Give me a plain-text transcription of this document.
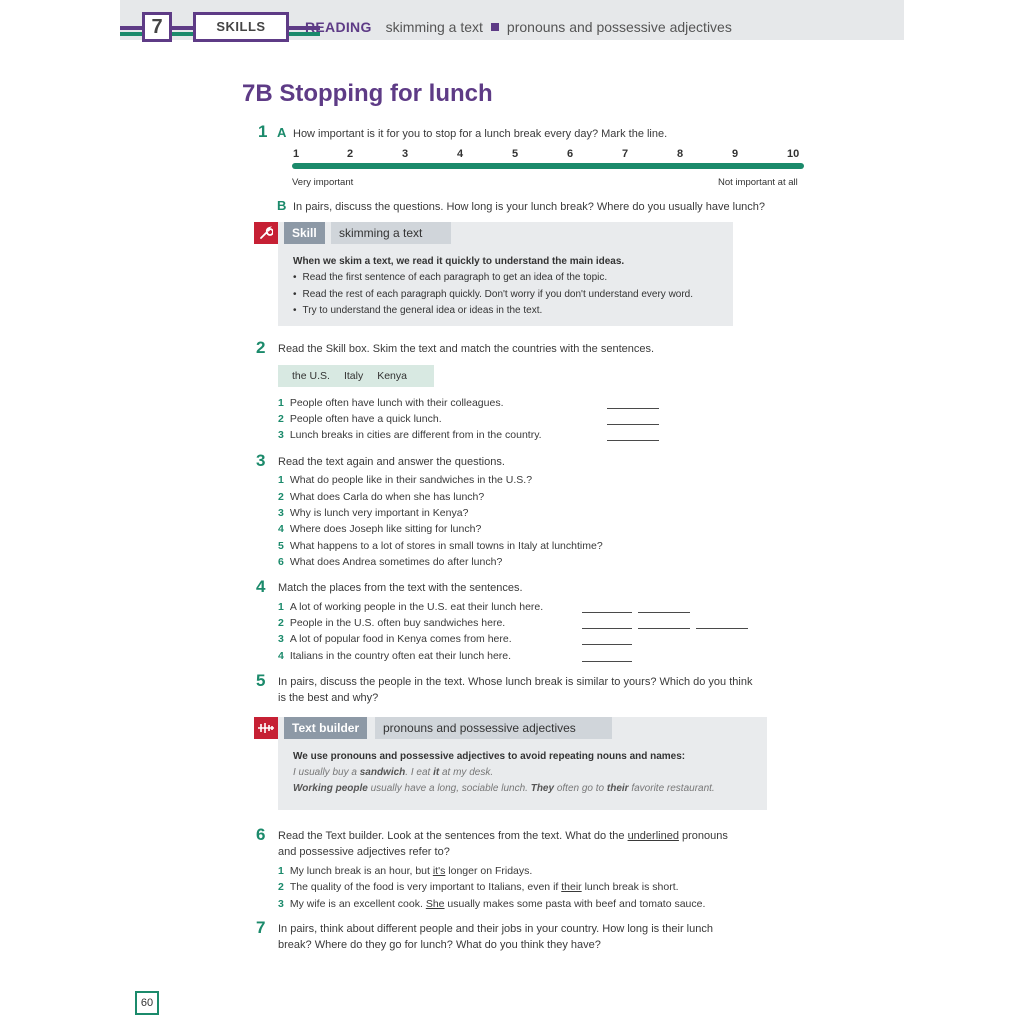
7	SKILLS	READING skimming a text pronouns and possessive adjectives
7B Stopping for lunch
1 A How important is it for you to stop for a lunch break every day? Mark the line.
1	2	3	4	5	6	7	8	9	10
Very important	Not important at all
B In pairs, discuss the questions. How long is your lunch break? Where do you usually have lunch?
Skill	skimming a text
When we skim a text, we read it quickly to understand the main ideas.
• Read the first sentence of each paragraph to get an idea of the topic.
• Read the rest of each paragraph quickly. Don't worry if you don't understand every word.
• Try to understand the general idea or ideas in the text.
2 Read the Skill box. Skim the text and match the countries with the sentences.
the U.S. Italy Kenya
1 People often have lunch with their colleagues.
2 People often have a quick lunch.
3 Lunch breaks in cities are different from in the country.
3 Read the text again and answer the questions.
1 What do people like in their sandwiches in the U.S.?
2 What does Carla do when she has lunch?
3 Why is lunch very important in Kenya?
4 Where does Joseph like sitting for lunch?
5 What happens to a lot of stores in small towns in Italy at lunchtime?
6 What does Andrea sometimes do after lunch?
4 Match the places from the text with the sentences.
1 A lot of working people in the U.S. eat their lunch here.
2 People in the U.S. often buy sandwiches here.
3 A lot of popular food in Kenya comes from here.
4 Italians in the country often eat their lunch here.
5 In pairs, discuss the people in the text. Whose lunch break is similar to yours? Which do you think
is the best and why?
Text builder	pronouns and possessive adjectives
We use pronouns and possessive adjectives to avoid repeating nouns and names:
I usually buy a sandwich. I eat it at my desk.
Working people usually have a long, sociable lunch. They often go to their favorite restaurant.
6 Read the Text builder. Look at the sentences from the text. What do the underlined pronouns
and possessive adjectives refer to?
1 My lunch break is an hour, but it's longer on Fridays.
2 The quality of the food is very important to Italians, even if their lunch break is short.
3 My wife is an excellent cook. She usually makes some pasta with beef and tomato sauce.
7 In pairs, think about different people and their jobs in your country. How long is their lunch
break? Where do they go for lunch? What do you think they have?
60
